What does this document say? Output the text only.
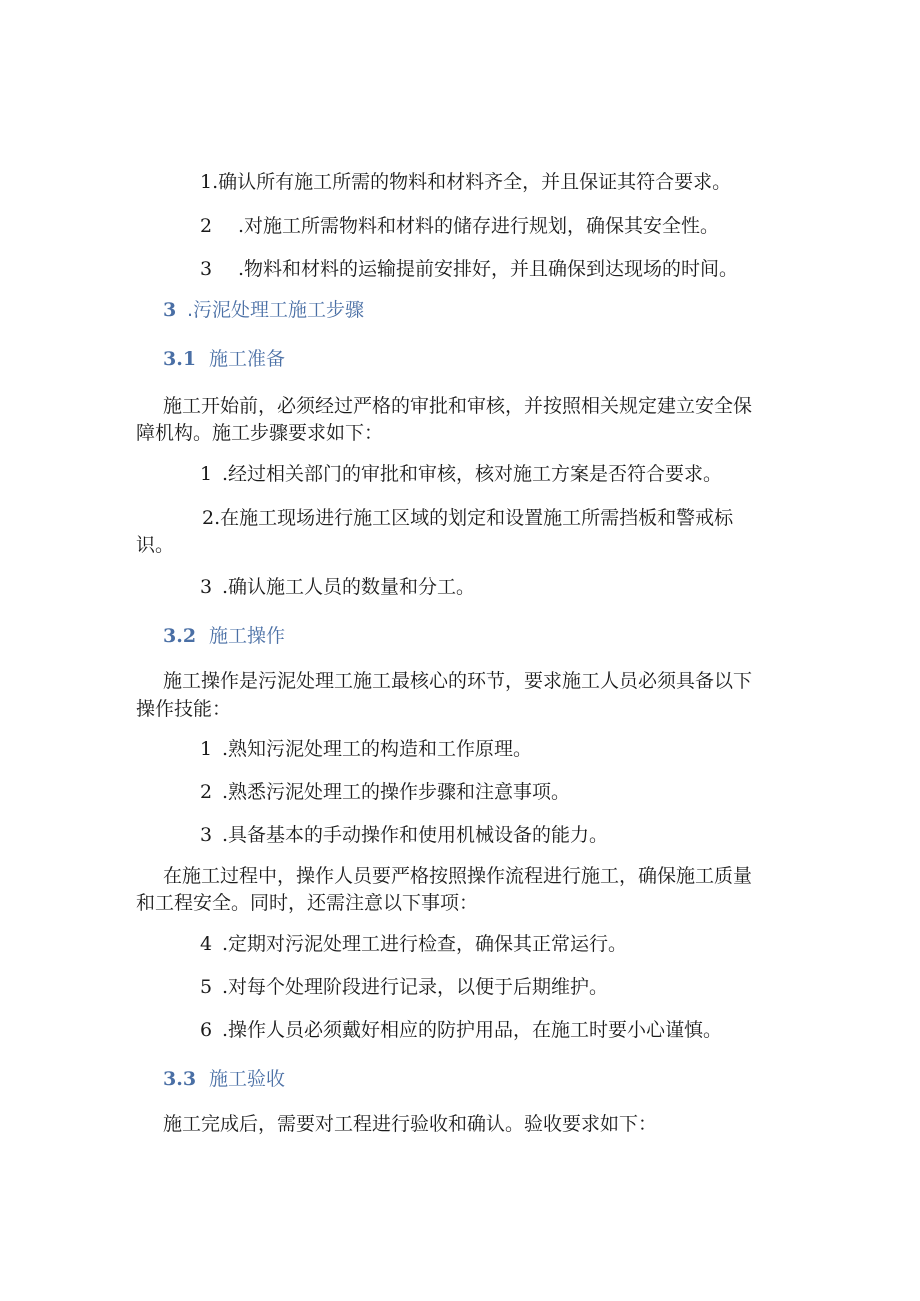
1.确认所有施工所需的物料和材料齐全，并且保证其符合要求。
2 .对施工所需物料和材料的储存进行规划，确保其安全性。
3 .物料和材料的运输提前安排好，并且确保到达现场的时间。
3 .污泥处理工施工步骤
3.1 施工准备
施工开始前，必须经过严格的审批和审核，并按照相关规定建立安全保
障机构。施工步骤要求如下：
1 .经过相关部门的审批和审核，核对施工方案是否符合要求。
2.在施工现场进行施工区域的划定和设置施工所需挡板和警戒标
识。
3 .确认施工人员的数量和分工。
3.2 施工操作
施工操作是污泥处理工施工最核心的环节，要求施工人员必须具备以下
操作技能：
1 .熟知污泥处理工的构造和工作原理。
2 .熟悉污泥处理工的操作步骤和注意事项。
3 .具备基本的手动操作和使用机械设备的能力。
在施工过程中，操作人员要严格按照操作流程进行施工，确保施工质量
和工程安全。同时，还需注意以下事项：
4 .定期对污泥处理工进行检查，确保其正常运行。
5 .对每个处理阶段进行记录，以便于后期维护。
6 .操作人员必须戴好相应的防护用品，在施工时要小心谨慎。
3.3 施工验收
施工完成后，需要对工程进行验收和确认。验收要求如下：
